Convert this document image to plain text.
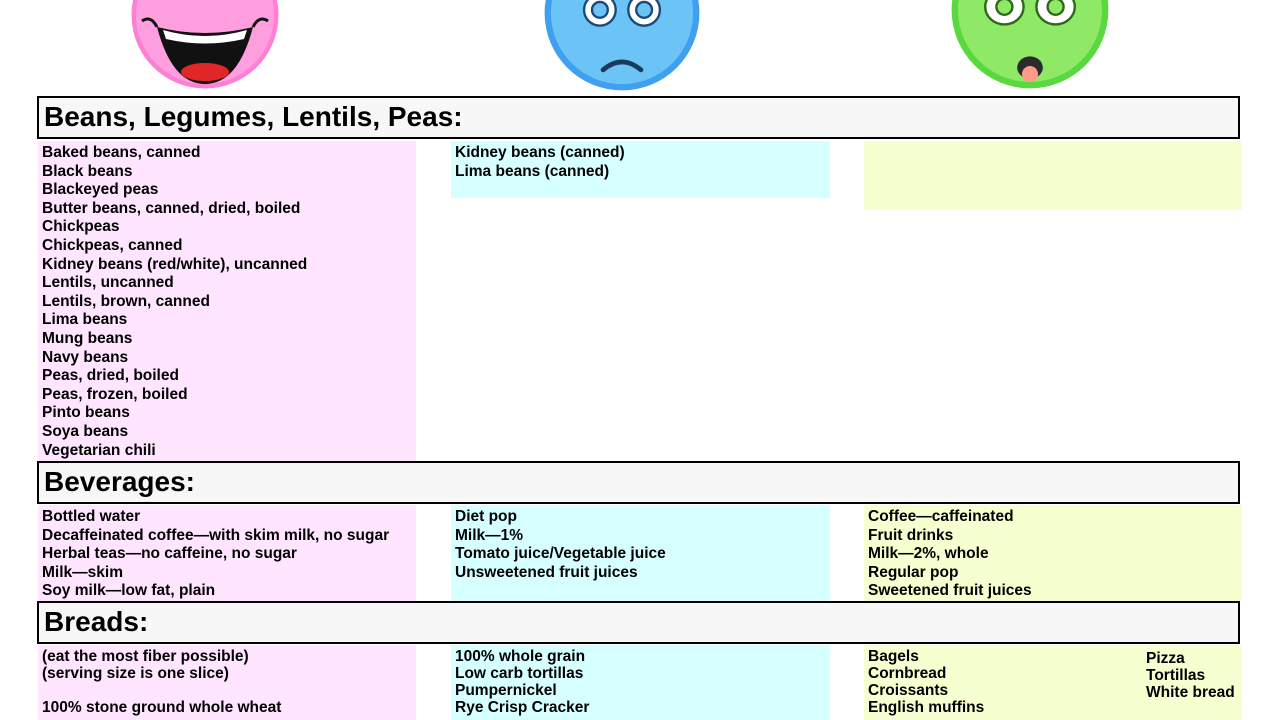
Beans, Legumes, Lentils, Peas:
Baked beans, canned
Black beans
Blackeyed peas
Butter beans, canned, dried, boiled
Chickpeas
Chickpeas, canned
Kidney beans (red/white), uncanned
Lentils, uncanned
Lentils, brown, canned
Lima beans
Mung beans
Navy beans
Peas, dried, boiled
Peas, frozen, boiled
Pinto beans
Soya beans
Vegetarian chili
Kidney beans (canned)
Lima beans (canned)
Beverages:
Bottled water
Decaffeinated coffee—with skim milk, no sugar
Herbal teas—no caffeine, no sugar
Milk—skim
Soy milk—low fat, plain
Diet pop
Milk—1%
Tomato juice/Vegetable juice
Unsweetened fruit juices
Coffee—caffeinated
Fruit drinks
Milk—2%, whole
Regular pop
Sweetened fruit juices
Breads:
(eat the most fiber possible)
(serving size is one slice)
100% stone ground whole wheat
100% whole grain
Low carb tortillas
Pumpernickel
Rye Crisp Cracker
Bagels
Cornbread
Croissants
English muffins
Pizza
Tortillas
White bread
